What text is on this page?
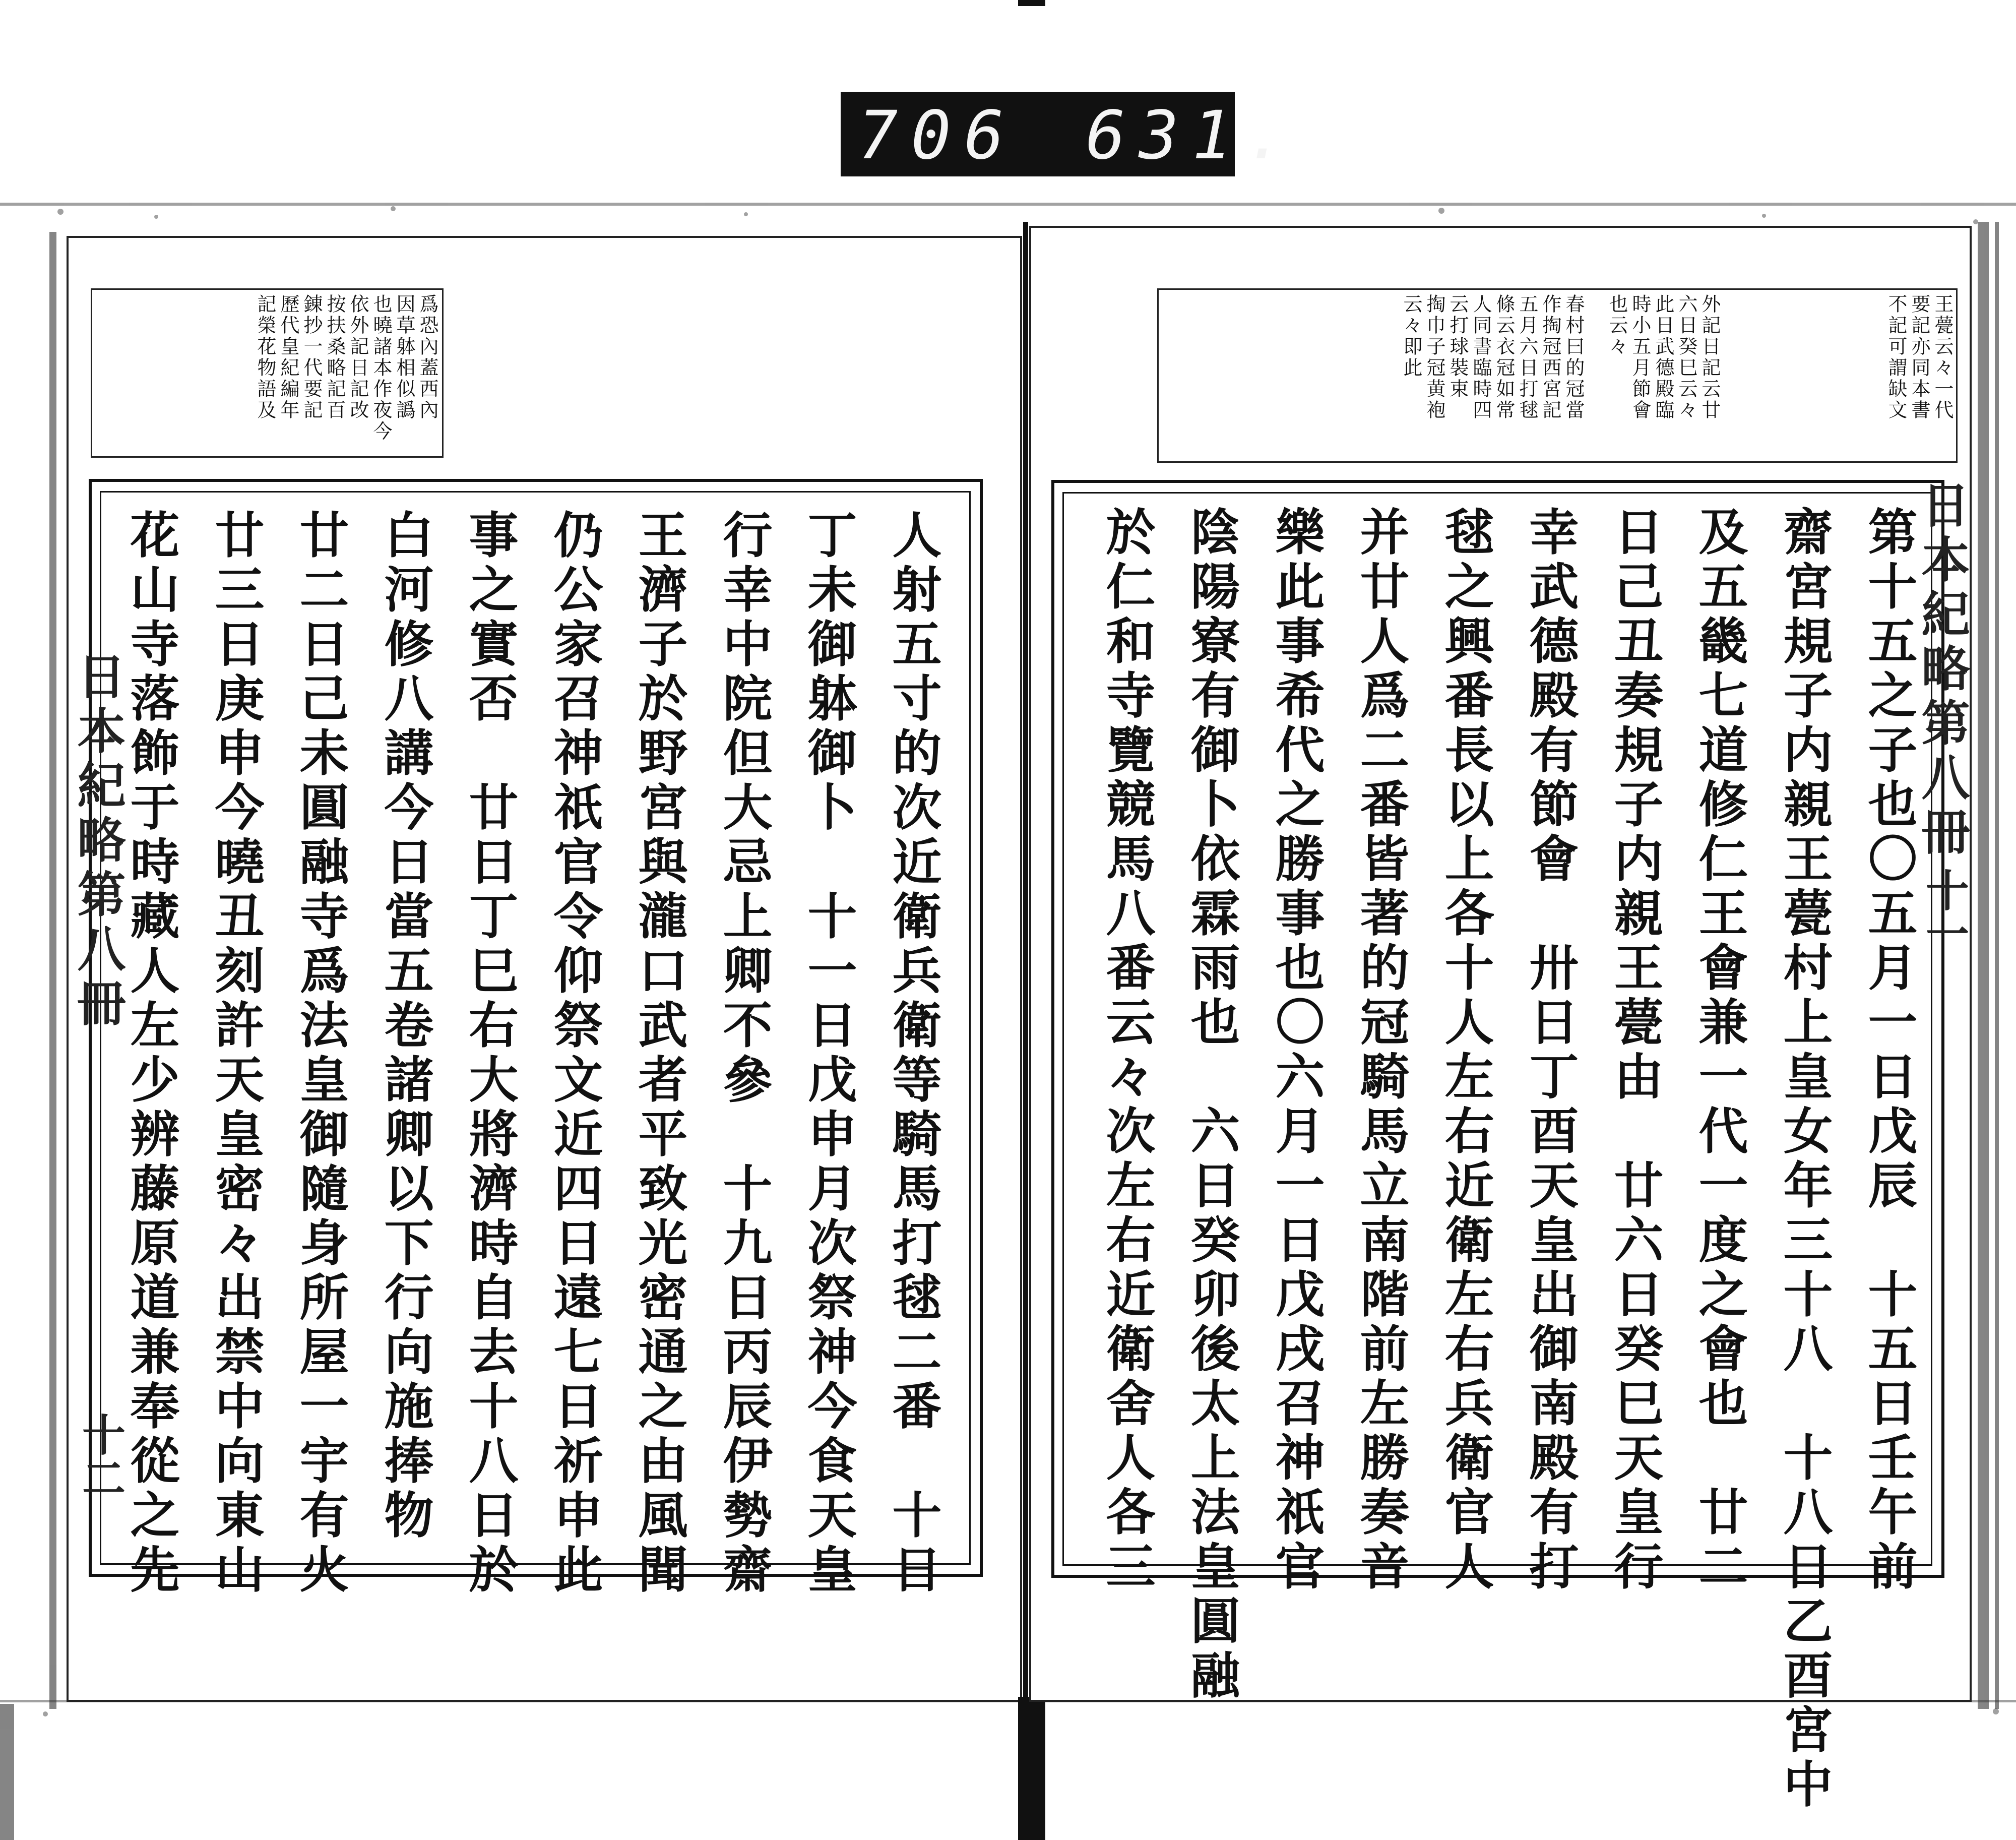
706 631.
爲恐內蓋西內
因草躰相似譌
也曉諸本作夜今
依外記日記改
按扶桑略記百
錬抄一代要記
歷代皇紀編年
記榮花物語及
人射五寸的次近衛兵衛等騎馬打毬二番　十日
丁未御躰御卜　十一日戊申月次祭神今食天皇
行幸中院但大忌上卿不參　十九日丙辰伊勢齋
王濟子於野宮與瀧口武者平致光密通之由風聞
仍公家召神祇官令仰祭文近四日遠七日祈申此
事之實否　廿日丁巳右大將濟時自去十八日於
白河修八講今日當五卷諸卿以下行向施捧物
廿二日己未圓融寺爲法皇御隨身所屋一宇有火
廿三日庚申今曉丑刻許天皇密々出禁中向東山
花山寺落飾于時藏人左少辨藤原道兼奉從之先
日本紀略第八冊
十二
王甍云々一代
要記亦同本書
不記可謂缺文
外記日記云廿
六日癸巳云々
此日武德殿臨
時小五月節會
也云々
春村曰的冠當
作掏冠西宮記
五月六日打毬
條云衣冠如常
人同書臨時四
云打球裝束
掏巾子冠黄袍
云々即此
第十五之子也〇五月一日戊辰　十五日壬午前
齋宮規子内親王甍村上皇女年三十八　十八日乙酉宮中
及五畿七道修仁王會兼一代一度之會也　廿二
日己丑奏規子内親王甍由　廿六日癸巳天皇行
幸武德殿有節會　卅日丁酉天皇出御南殿有打
毬之興番長以上各十人左右近衛左右兵衛官人
并廿人爲二番皆著的冠騎馬立南階前左勝奏音
樂此事希代之勝事也〇六月一日戊戌召神祇官
陰陽寮有御卜依霖雨也　六日癸卯後太上法皇圓融
於仁和寺覽競馬八番云々次左右近衛舍人各三	日本紀略第八冊
十一
